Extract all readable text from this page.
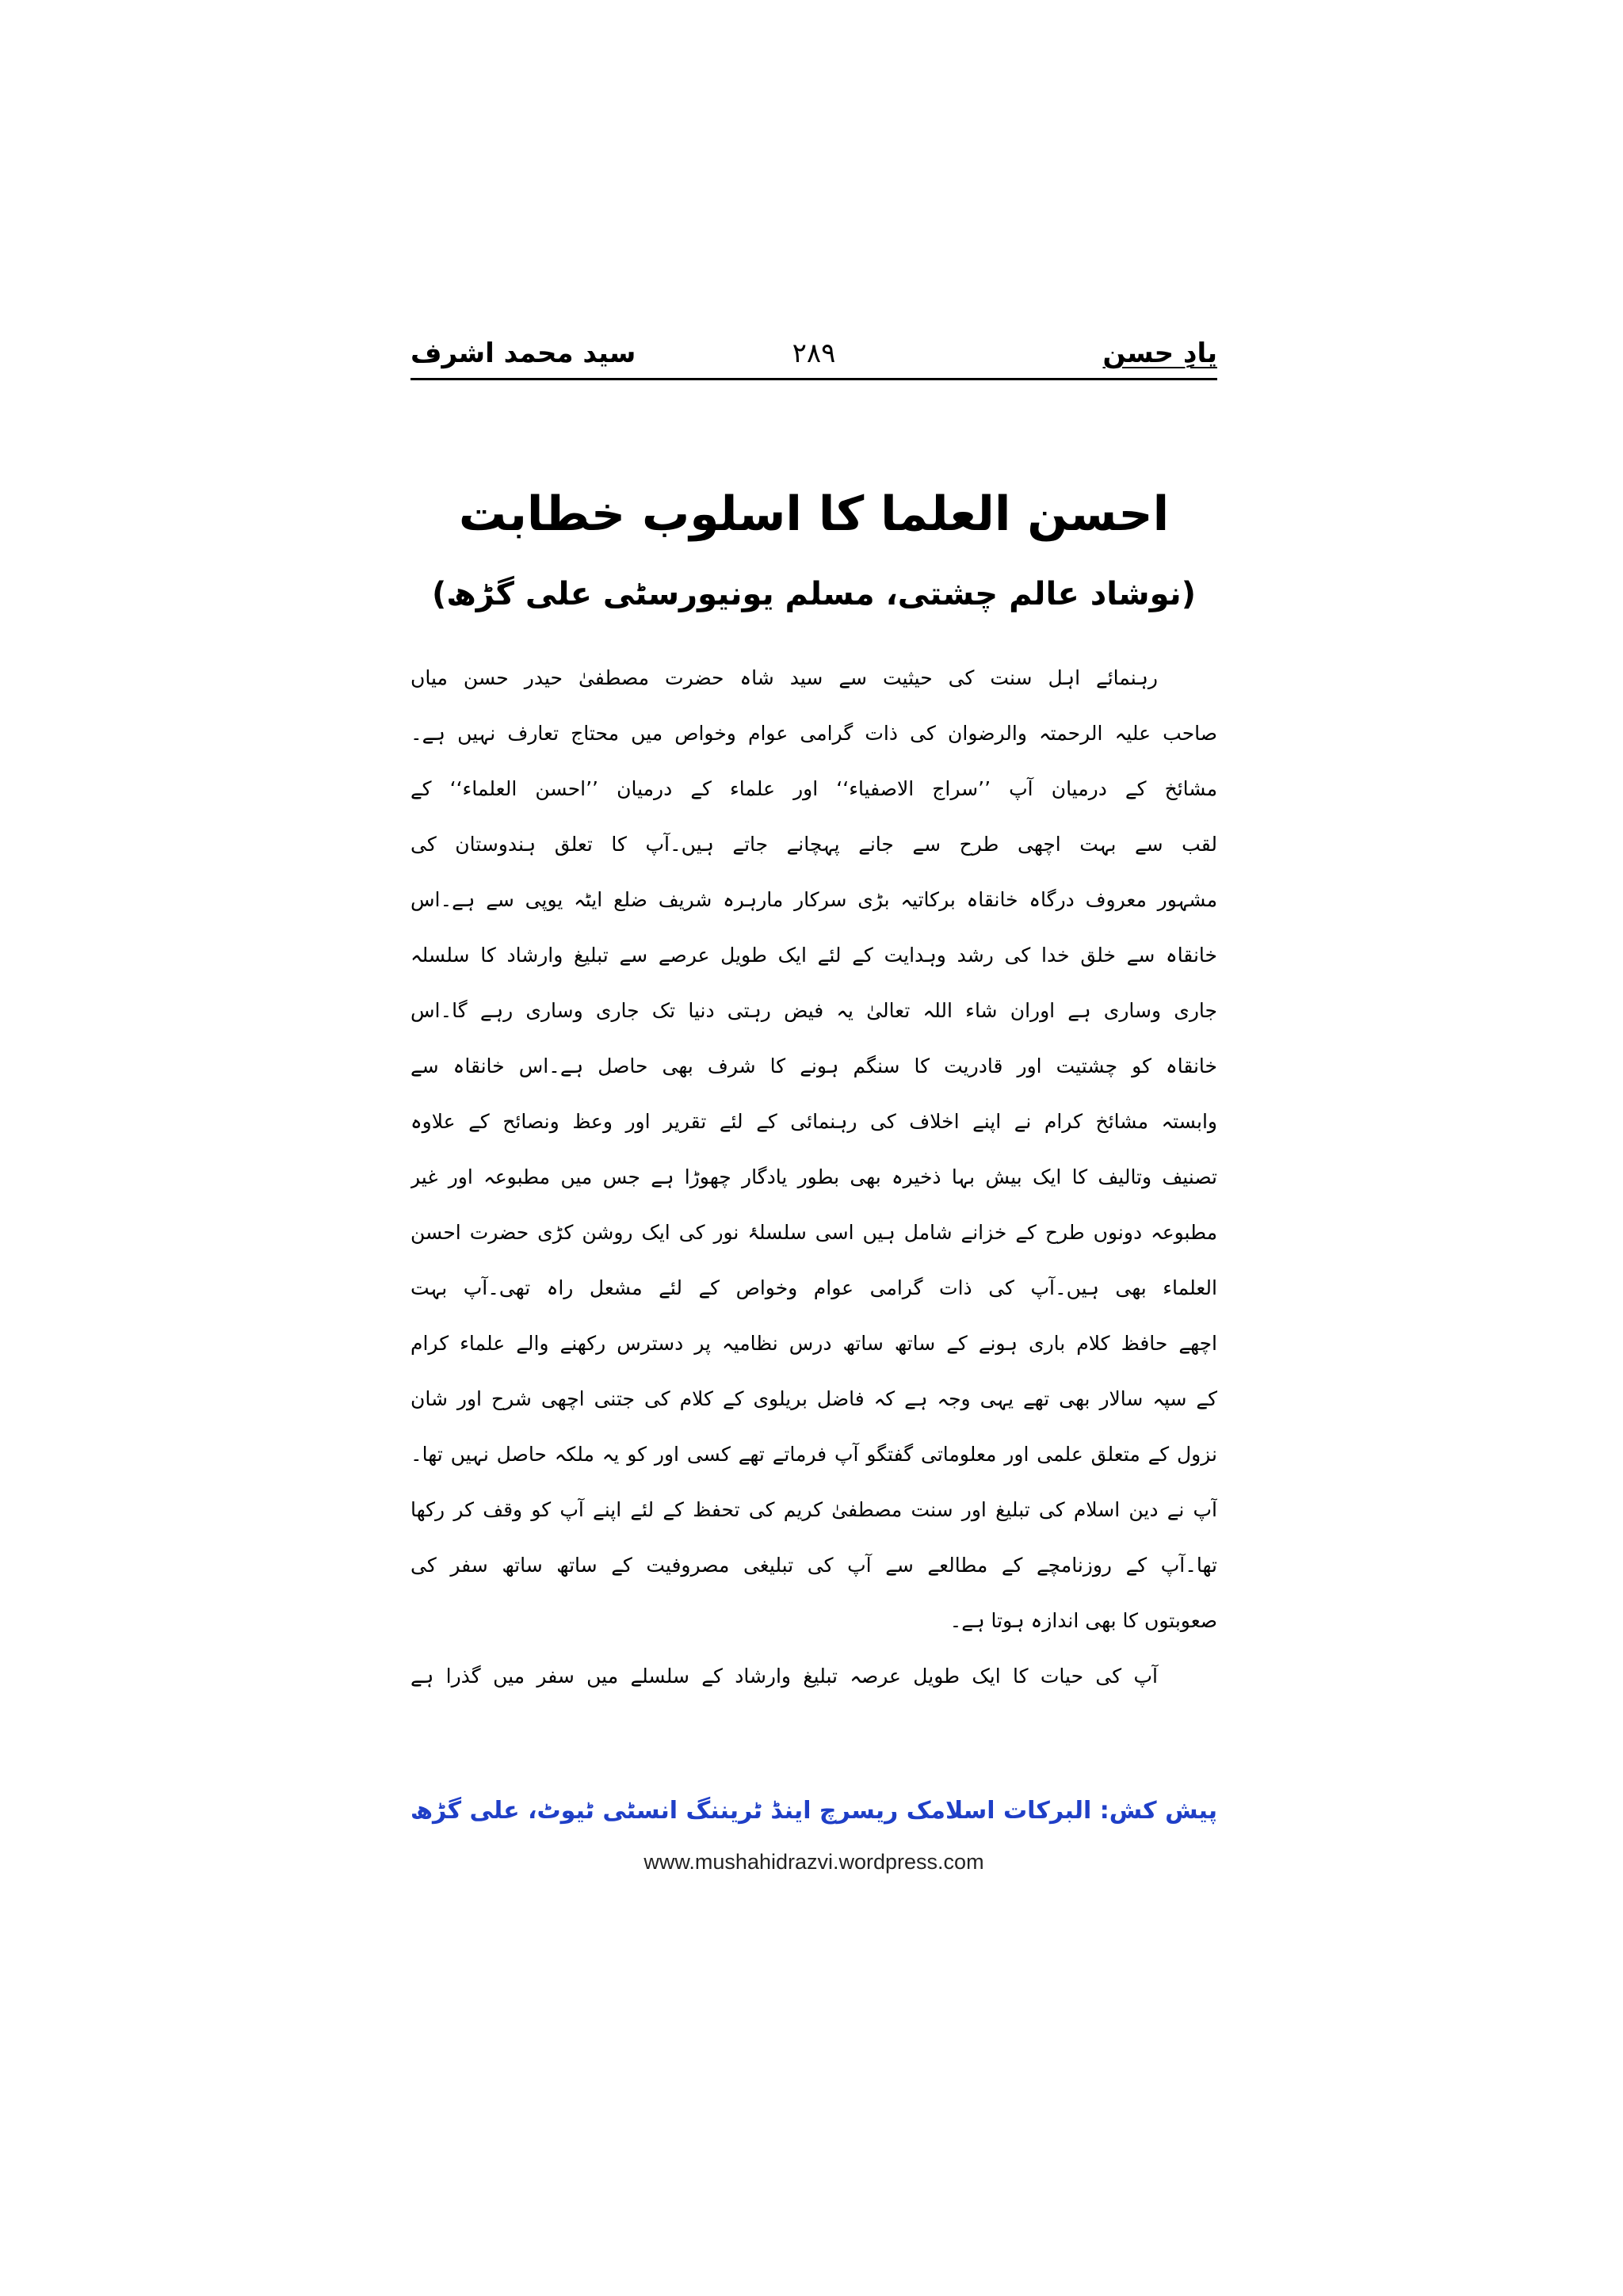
یادِ حسن
۲۸۹
سید محمد اشرف
احسن العلما کا اسلوب خطابت
(نوشاد عالم چشتی، مسلم یونیورسٹی علی گڑھ)
رہنمائے اہل سنت کی حیثیت سے سید شاہ حضرت مصطفیٰ حیدر حسن میاں
صاحب علیہ الرحمتہ والرضوان کی ذات گرامی عوام وخواص میں محتاج تعارف نہیں ہے۔
مشائخ کے درمیان آپ ’’سراج الاصفیاء‘‘ اور علماء کے درمیان ’’احسن العلماء‘‘ کے
لقب سے بہت اچھی طرح سے جانے پہچانے جاتے ہیں۔آپ کا تعلق ہندوستان کی
مشہور معروف درگاہ خانقاہ برکاتیہ بڑی سرکار مارہرہ شریف ضلع ایٹہ یوپی سے ہے۔اس
خانقاہ سے خلق خدا کی رشد وہدایت کے لئے ایک طویل عرصے سے تبلیغ وارشاد کا سلسلہ
جاری وساری ہے اوران شاء اللہ تعالیٰ یہ فیض رہتی دنیا تک جاری وساری رہے گا۔اس
خانقاہ کو چشتیت اور قادریت کا سنگم ہونے کا شرف بھی حاصل ہے۔اس خانقاہ سے
وابستہ مشائخ کرام نے اپنے اخلاف کی رہنمائی کے لئے تقریر اور وعظ ونصائح کے علاوہ
تصنیف وتالیف کا ایک بیش بہا ذخیرہ بھی بطور یادگار چھوڑا ہے جس میں مطبوعہ اور غیر
مطبوعہ دونوں طرح کے خزانے شامل ہیں اسی سلسلۂ نور کی ایک روشن کڑی حضرت احسن
العلماء بھی ہیں۔آپ کی ذات گرامی عوام وخواص کے لئے مشعل راہ تھی۔آپ بہت
اچھے حافظ کلام باری ہونے کے ساتھ ساتھ درس نظامیہ پر دسترس رکھنے والے علماء کرام
کے سپہ سالار بھی تھے یہی وجہ ہے کہ فاضل بریلوی کے کلام کی جتنی اچھی شرح اور شان
نزول کے متعلق علمی اور معلوماتی گفتگو آپ فرماتے تھے کسی اور کو یہ ملکہ حاصل نہیں تھا۔
آپ نے دین اسلام کی تبلیغ اور سنت مصطفیٰ کریم کی تحفظ کے لئے اپنے آپ کو وقف کر رکھا
تھا۔آپ کے روزنامچے کے مطالعے سے آپ کی تبلیغی مصروفیت کے ساتھ ساتھ سفر کی
صعوبتوں کا بھی اندازہ ہوتا ہے۔
آپ کی حیات کا ایک طویل عرصہ تبلیغ وارشاد کے سلسلے میں سفر میں گذرا ہے
پیش کش: البرکات اسلامک ریسرچ اینڈ ٹریننگ انسٹی ٹیوٹ، علی گڑھ
www.mushahidrazvi.wordpress.com
